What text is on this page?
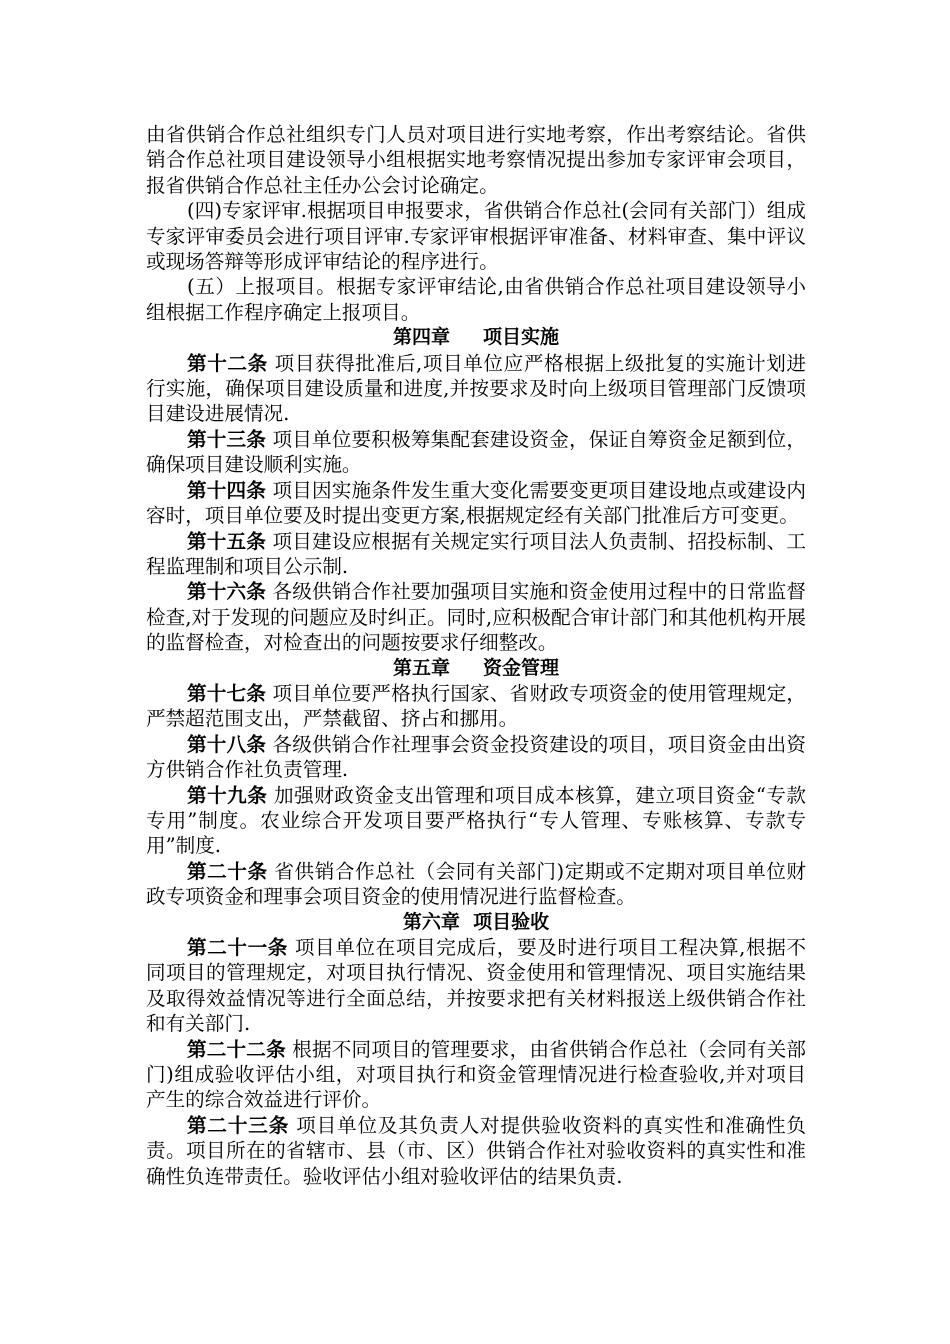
由省供销合作总社组织专门人员对项目进行实地考察，作出考察结论。省供销合作总社项目建设领导小组根据实地考察情况提出参加专家评审会项目，报省供销合作总社主任办公会讨论确定。

(四)专家评审.根据项目申报要求，省供销合作总社(会同有关部门）组成专家评审委员会进行项目评审.专家评审根据评审准备、材料审查、集中评议或现场答辩等形成评审结论的程序进行。

(五）上报项目。根据专家评审结论,由省供销合作总社项目建设领导小组根据工作程序确定上报项目。

第四章     项目实施

第十二条 项目获得批准后,项目单位应严格根据上级批复的实施计划进行实施，确保项目建设质量和进度,并按要求及时向上级项目管理部门反馈项目建设进展情况.

第十三条 项目单位要积极筹集配套建设资金，保证自筹资金足额到位，确保项目建设顺利实施。

第十四条 项目因实施条件发生重大变化需要变更项目建设地点或建设内容时，项目单位要及时提出变更方案,根据规定经有关部门批准后方可变更。

第十五条 项目建设应根据有关规定实行项目法人负责制、招投标制、工程监理制和项目公示制.

第十六条 各级供销合作社要加强项目实施和资金使用过程中的日常监督检查,对于发现的问题应及时纠正。同时,应积极配合审计部门和其他机构开展的监督检查，对检查出的问题按要求仔细整改。

第五章     资金管理

第十七条 项目单位要严格执行国家、省财政专项资金的使用管理规定，严禁超范围支出，严禁截留、挤占和挪用。

第十八条 各级供销合作社理事会资金投资建设的项目，项目资金由出资方供销合作社负责管理.

第十九条 加强财政资金支出管理和项目成本核算，建立项目资金“专款专用”制度。农业综合开发项目要严格执行“专人管理、专账核算、专款专用”制度.

第二十条 省供销合作总社（会同有关部门)定期或不定期对项目单位财政专项资金和理事会项目资金的使用情况进行监督检查。

第六章  项目验收

第二十一条 项目单位在项目完成后，要及时进行项目工程决算,根据不同项目的管理规定，对项目执行情况、资金使用和管理情况、项目实施结果及取得效益情况等进行全面总结，并按要求把有关材料报送上级供销合作社和有关部门.

第二十二条 根据不同项目的管理要求，由省供销合作总社（会同有关部门)组成验收评估小组，对项目执行和资金管理情况进行检查验收,并对项目产生的综合效益进行评价。

第二十三条 项目单位及其负责人对提供验收资料的真实性和准确性负责。项目所在的省辖市、县（市、区）供销合作社对验收资料的真实性和准确性负连带责任。验收评估小组对验收评估的结果负责.
